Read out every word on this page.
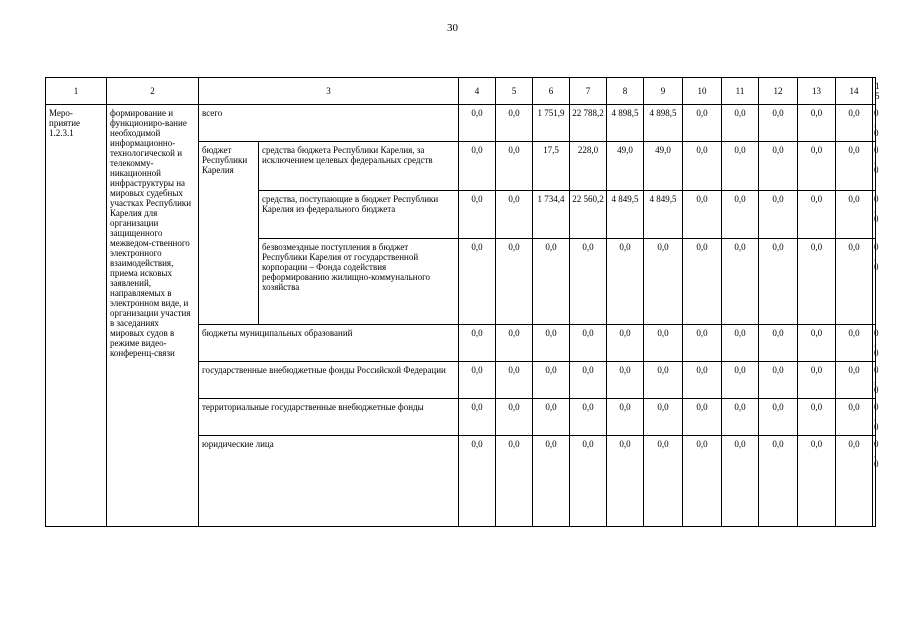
30
1	2	3		4	5	6	7	8	9	10	11	12	13	14	15
Меро-приятие 1.2.3.1	формирование и функциониро-вание необходимой информационно-технологической и телекомму-никационной инфраструктуры на мировых судебных участках Республики Карелия для организации защищенного межведом-ственного электронного взаимодействия, приема исковых заявлений, направляемых в электронном виде, и организации участия в заседаниях мировых судов в режиме видео-конференц-связи	всего		0,0	0,0	1 751,9	22 788,2	4 898,5	4 898,5	0,0	0,0	0,0	0,0	0,0	0,0
		бюджет Республики Карелия	средства бюджета Республики Карелия, за исключением целевых федеральных средств	0,0	0,0	17,5	228,0	49,0	49,0	0,0	0,0	0,0	0,0	0,0	0,0
			средства, поступающие в бюджет Республики Карелия из федерального бюджета	0,0	0,0	1 734,4	22 560,2	4 849,5	4 849,5	0,0	0,0	0,0	0,0	0,0	0,0
			безвозмездные поступления в бюджет Республики Карелия от государственной корпорации – Фонда содействия реформированию жилищно-коммунального хозяйства	0,0	0,0	0,0	0,0	0,0	0,0	0,0	0,0	0,0	0,0	0,0	0,0
		бюджеты муниципальных образований		0,0	0,0	0,0	0,0	0,0	0,0	0,0	0,0	0,0	0,0	0,0	0,0
		государственные внебюджетные фонды Российской Федерации		0,0	0,0	0,0	0,0	0,0	0,0	0,0	0,0	0,0	0,0	0,0	0,0
		территориальные государственные внебюджетные фонды		0,0	0,0	0,0	0,0	0,0	0,0	0,0	0,0	0,0	0,0	0,0	0,0
		юридические лица		0,0	0,0	0,0	0,0	0,0	0,0	0,0	0,0	0,0	0,0	0,0	0,0
